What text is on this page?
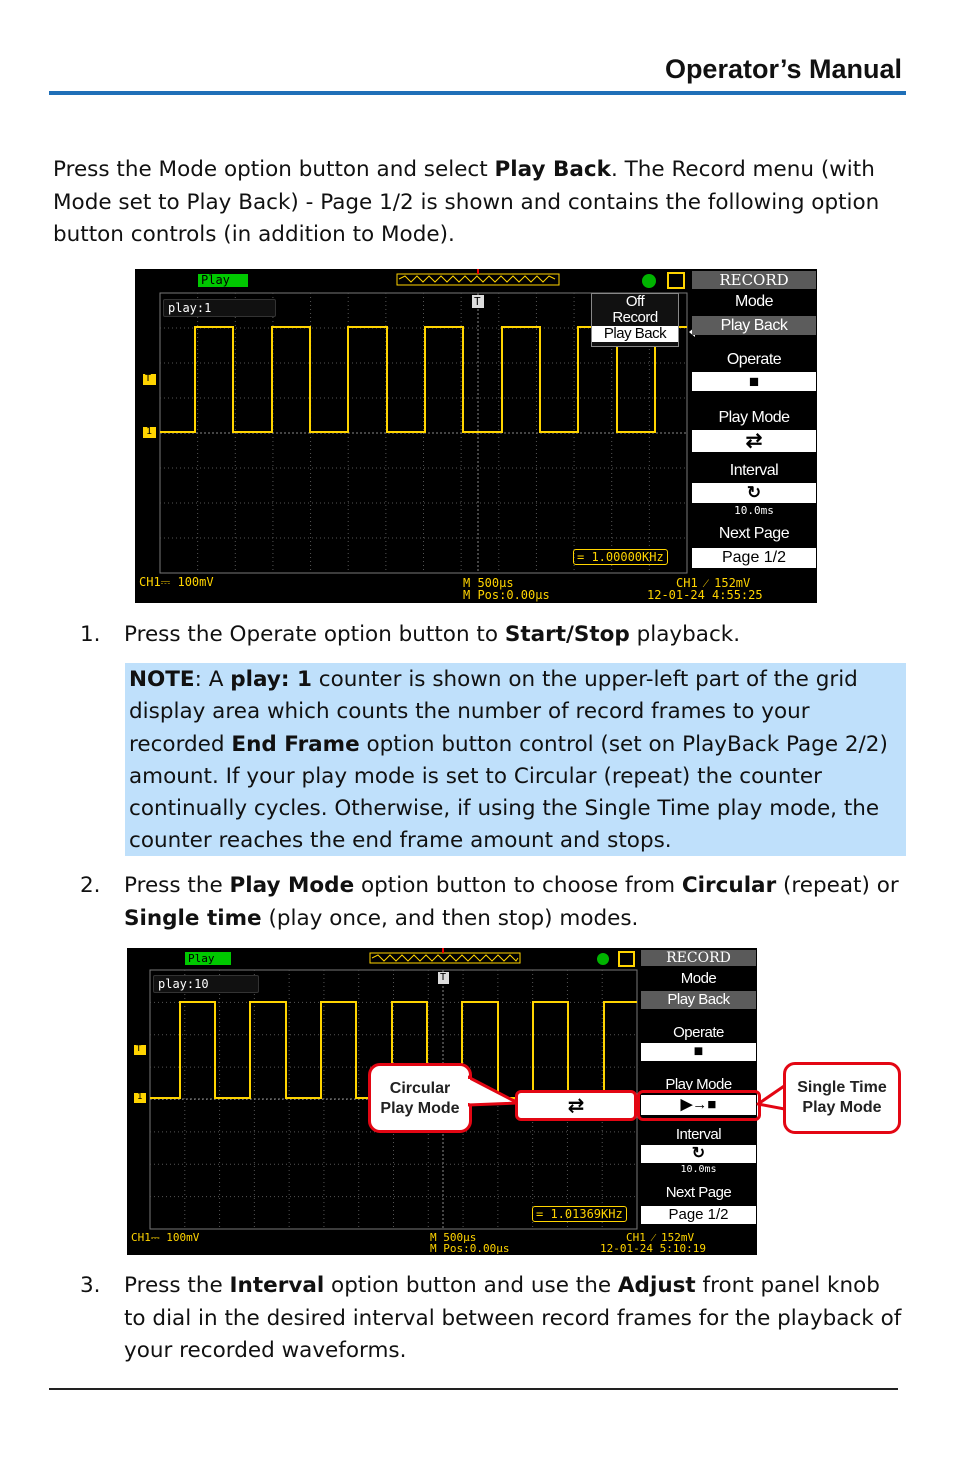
Operator’s Manual

Press the Mode option button and select Play Back. The Record menu (with Mode set to Play Back) - Page 1/2 is shown and contains the following option button controls (in addition to Mode).

T
T
1
Play
play:1	Off
Record
Play Back
= 1.00000KHz
RECORD
Mode
Play Back
Operate
■
Play Mode
⇄
Interval
↻
10.0ms
Next Page
Page 1/2
CH1⎓ 100mV	M 500µs
M Pos:0.00µs
CH1 ⁄ 152mV
12-01-24 4:55:25
1. Press the Operate option button to Start/Stop playback.

NOTE: A play: 1 counter is shown on the upper-left part of the grid display area which counts the number of record frames to your recorded End Frame option button control (set on PlayBack Page 2/2) amount. If your play mode is set to Circular (repeat) the counter continually cycles. Otherwise, if using the Single Time play mode, the counter reaches the end frame amount and stops.
2. Press the Play Mode option button to choose from Circular (repeat) or Single time (play once, and then stop) modes.

T
T
1
Play
play:10
= 1.01369KHz
RECORD
Mode
Play Back
Operate
■
Play Mode
▶→■
Interval
↻
10.0ms
Next Page
Page 1/2
CH1⎓ 100mV	M 500µs
M Pos:0.00µs
CH1 ⁄ 152mV
12-01-24 5:10:19
Circular
Play Mode	⇄
Single Time
Play Mode
3. Press the Interval option button and use the Adjust front panel knob to dial in the desired interval between record frames for the playback of your recorded waveforms.
